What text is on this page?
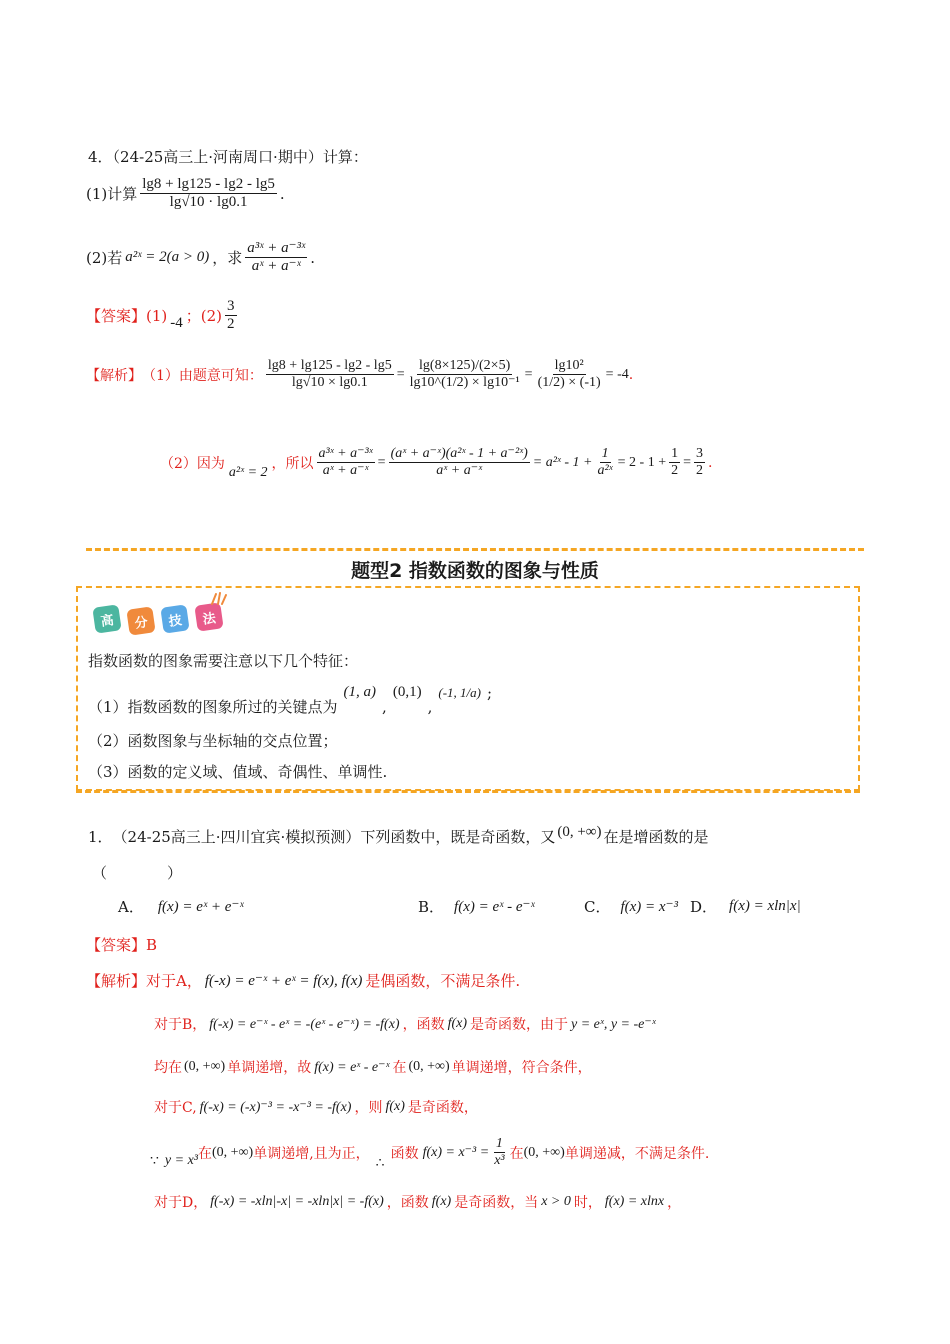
4．（24-25高三上·河南周口·期中）计算：
(1)计算 $\frac{\lg 8 + \lg 125 - \lg 2 - \lg 5}{\lg√10 \cdot \lg 0.1}$ .
(2)若 a²ˣ = 2(a > 0) ，求 $\frac{\text{a³ˣ + a⁻³ˣ}}{\text{aˣ + a⁻ˣ}}$ .
【答案】 (1) -4 ；$(2) \frac{3}{2}$
【解析】 （1）由题意可知： $\frac{\lg 8 + \lg 125 - \lg 2 - \lg 5}{\lg√10 \times \lg 0.1} = \frac{\lg(8\times 125)/(2\times 5)}{\text{lg10\textasciicircum{}(1/2) × lg10⁻¹}} = \frac{\text{lg10²}}{(1/2) \times (-1)} = -4$ .
（2）因为
a²ˣ = 2
，所以 $\frac{\text{a³ˣ + a⁻³ˣ}}{\text{aˣ + a⁻ˣ}} = \frac{\text{(aˣ + a⁻ˣ)(a²ˣ - 1 + a⁻²ˣ)}}{\text{aˣ + a⁻ˣ}}$ = a²ˣ - $1 + \frac{1}{\text{a²ˣ}} = 2 - 1 + \frac{1}{2} = \frac{3}{2}$ .
题型2 指数函数的图象与性质
高	分	技	法
指数函数的图象需要注意以下几个特征：
（1）指数函数的图象所过的关键点为
(1, a)
,
(0,1)
,
(-1, 1/a) ;
（2）函数图象与坐标轴的交点位置；
（3）函数的定义域、值域、奇偶性、单调性.
1． （24-25高三上·四川宜宾·模拟预测）下列函数中，既是奇函数，又 (0, +∞) 在是增函数的是
（　　　　）
A． f(x) = eˣ + e⁻ˣ	B． f(x) = eˣ - e⁻ˣ	C． f(x) = x⁻³ D． f(x) = xln|x|
【答案】B
【解析】 对于A， f(-x) = e⁻ˣ + eˣ = f(x), f(x) 是偶函数，不满足条件.
对于B， f(-x) = e⁻ˣ - eˣ = -(eˣ - e⁻ˣ) = -f(x) ，函数 f(x) 是奇函数，由于 y = eˣ, y = -e⁻ˣ
均在 (0, +∞) 单调递增，故 f(x) = eˣ - e⁻ˣ 在 (0, +∞) 单调递增，符合条件，
对于C, f(-x) = (-x)⁻³ = -x⁻³ = -f(x) ，则 f(x) 是奇函数，
∵ y = x³ 在 (0, +∞) 单调递增,且为正，
∴
函数 $f(x) = x^{-3} = \frac{1}{\text{x³}}$ 在 (0, +∞) 单调递减，不满足条件.
对于D， f(-x) = -xln|-x| = -xln|x| = -f(x) ，函数 f(x) 是奇函数，当 x > 0 时， f(x) = xlnx ，
